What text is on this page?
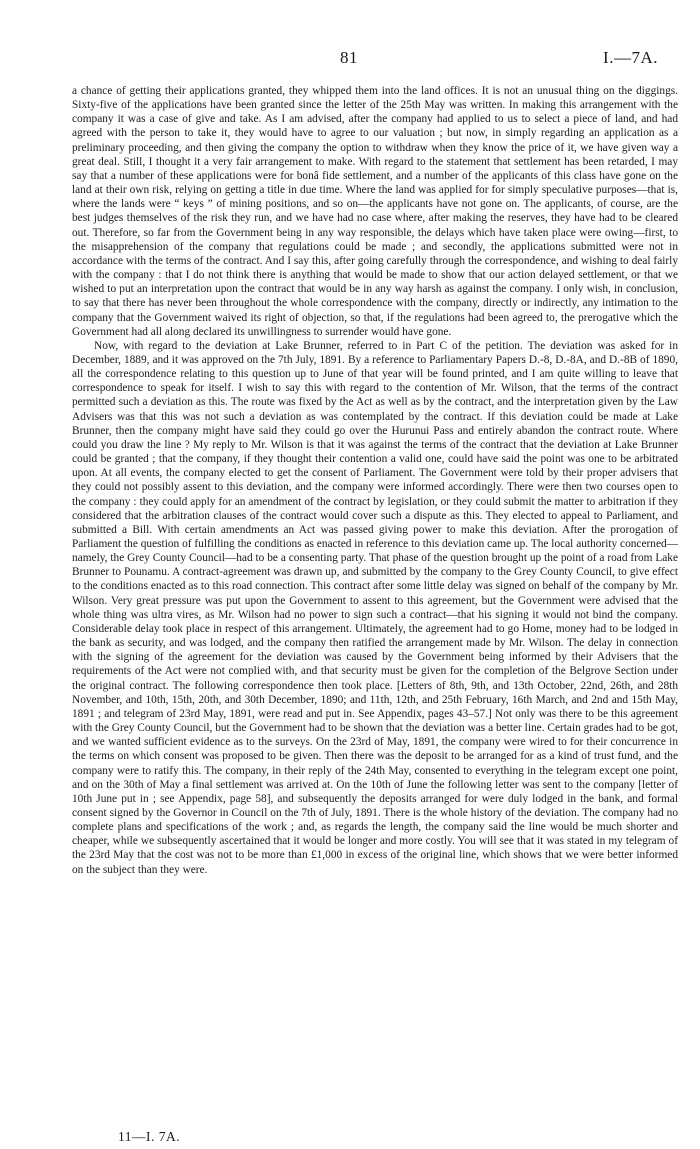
81	I.—7A.

a chance of getting their applications granted, they whipped them into the land offices. It is not an unusual thing on the diggings. Sixty-five of the applications have been granted since the letter of the 25th May was written. In making this arrangement with the company it was a case of give and take. As I am advised, after the company had applied to us to select a piece of land, and had agreed with the person to take it, they would have to agree to our valuation ; but now, in simply regarding an application as a preliminary proceeding, and then giving the company the option to withdraw when they know the price of it, we have given way a great deal. Still, I thought it a very fair arrangement to make. With regard to the statement that settlement has been retarded, I may say that a number of these applications were for bonâ fide settlement, and a number of the applicants of this class have gone on the land at their own risk, relying on getting a title in due time. Where the land was applied for for simply speculative purposes—that is, where the lands were “ keys ” of mining positions, and so on—the applicants have not gone on. The applicants, of course, are the best judges themselves of the risk they run, and we have had no case where, after making the reserves, they have had to be cleared out. Therefore, so far from the Government being in any way responsible, the delays which have taken place were owing—first, to the misapprehension of the company that regulations could be made ; and secondly, the applications submitted were not in accordance with the terms of the contract. And I say this, after going carefully through the correspondence, and wishing to deal fairly with the company : that I do not think there is anything that would be made to show that our action delayed settlement, or that we wished to put an interpretation upon the contract that would be in any way harsh as against the company. I only wish, in conclusion, to say that there has never been throughout the whole correspondence with the company, directly or indirectly, any intimation to the company that the Government waived its right of objection, so that, if the regulations had been agreed to, the prerogative which the Government had all along declared its unwillingness to surrender would have gone.

Now, with regard to the deviation at Lake Brunner, referred to in Part C of the petition. The deviation was asked for in December, 1889, and it was approved on the 7th July, 1891. By a reference to Parliamentary Papers D.-8, D.-8A, and D.-8B of 1890, all the correspondence relating to this question up to June of that year will be found printed, and I am quite willing to leave that correspondence to speak for itself. I wish to say this with regard to the contention of Mr. Wilson, that the terms of the contract permitted such a deviation as this. The route was fixed by the Act as well as by the contract, and the interpretation given by the Law Advisers was that this was not such a deviation as was contemplated by the contract. If this deviation could be made at Lake Brunner, then the company might have said they could go over the Hurunui Pass and entirely abandon the contract route. Where could you draw the line ? My reply to Mr. Wilson is that it was against the terms of the contract that the deviation at Lake Brunner could be granted ; that the company, if they thought their contention a valid one, could have said the point was one to be arbitrated upon. At all events, the company elected to get the consent of Parliament. The Government were told by their proper advisers that they could not possibly assent to this deviation, and the company were informed accordingly. There were then two courses open to the company : they could apply for an amendment of the contract by legislation, or they could submit the matter to arbitration if they considered that the arbitration clauses of the contract would cover such a dispute as this. They elected to appeal to Parliament, and submitted a Bill. With certain amendments an Act was passed giving power to make this deviation. After the prorogation of Parliament the question of fulfilling the conditions as enacted in reference to this deviation came up. The local authority concerned—namely, the Grey County Council—had to be a consenting party. That phase of the question brought up the point of a road from Lake Brunner to Pounamu. A contract-agreement was drawn up, and submitted by the company to the Grey County Council, to give effect to the conditions enacted as to this road connection. This contract after some little delay was signed on behalf of the company by Mr. Wilson. Very great pressure was put upon the Government to assent to this agreement, but the Government were advised that the whole thing was ultra vires, as Mr. Wilson had no power to sign such a contract—that his signing it would not bind the company. Considerable delay took place in respect of this arrangement. Ultimately, the agreement had to go Home, money had to be lodged in the bank as security, and was lodged, and the company then ratified the arrangement made by Mr. Wilson. The delay in connection with the signing of the agreement for the deviation was caused by the Government being informed by their Advisers that the requirements of the Act were not complied with, and that security must be given for the completion of the Belgrove Section under the original contract. The following correspondence then took place. [Letters of 8th, 9th, and 13th October, 22nd, 26th, and 28th November, and 10th, 15th, 20th, and 30th December, 1890; and 11th, 12th, and 25th February, 16th March, and 2nd and 15th May, 1891 ; and telegram of 23rd May, 1891, were read and put in. See Appendix, pages 43–57.] Not only was there to be this agreement with the Grey County Council, but the Government had to be shown that the deviation was a better line. Certain grades had to be got, and we wanted sufficient evidence as to the surveys. On the 23rd of May, 1891, the company were wired to for their concurrence in the terms on which consent was proposed to be given. Then there was the deposit to be arranged for as a kind of trust fund, and the company were to ratify this. The company, in their reply of the 24th May, consented to everything in the telegram except one point, and on the 30th of May a final settlement was arrived at. On the 10th of June the following letter was sent to the company [letter of 10th June put in ; see Appendix, page 58], and subsequently the deposits arranged for were duly lodged in the bank, and formal consent signed by the Governor in Council on the 7th of July, 1891. There is the whole history of the deviation. The company had no complete plans and specifications of the work ; and, as regards the length, the company said the line would be much shorter and cheaper, while we subsequently ascertained that it would be longer and more costly. You will see that it was stated in my telegram of the 23rd May that the cost was not to be more than £1,000 in excess of the original line, which shows that we were better informed on the subject than they were.

11—I. 7A.
